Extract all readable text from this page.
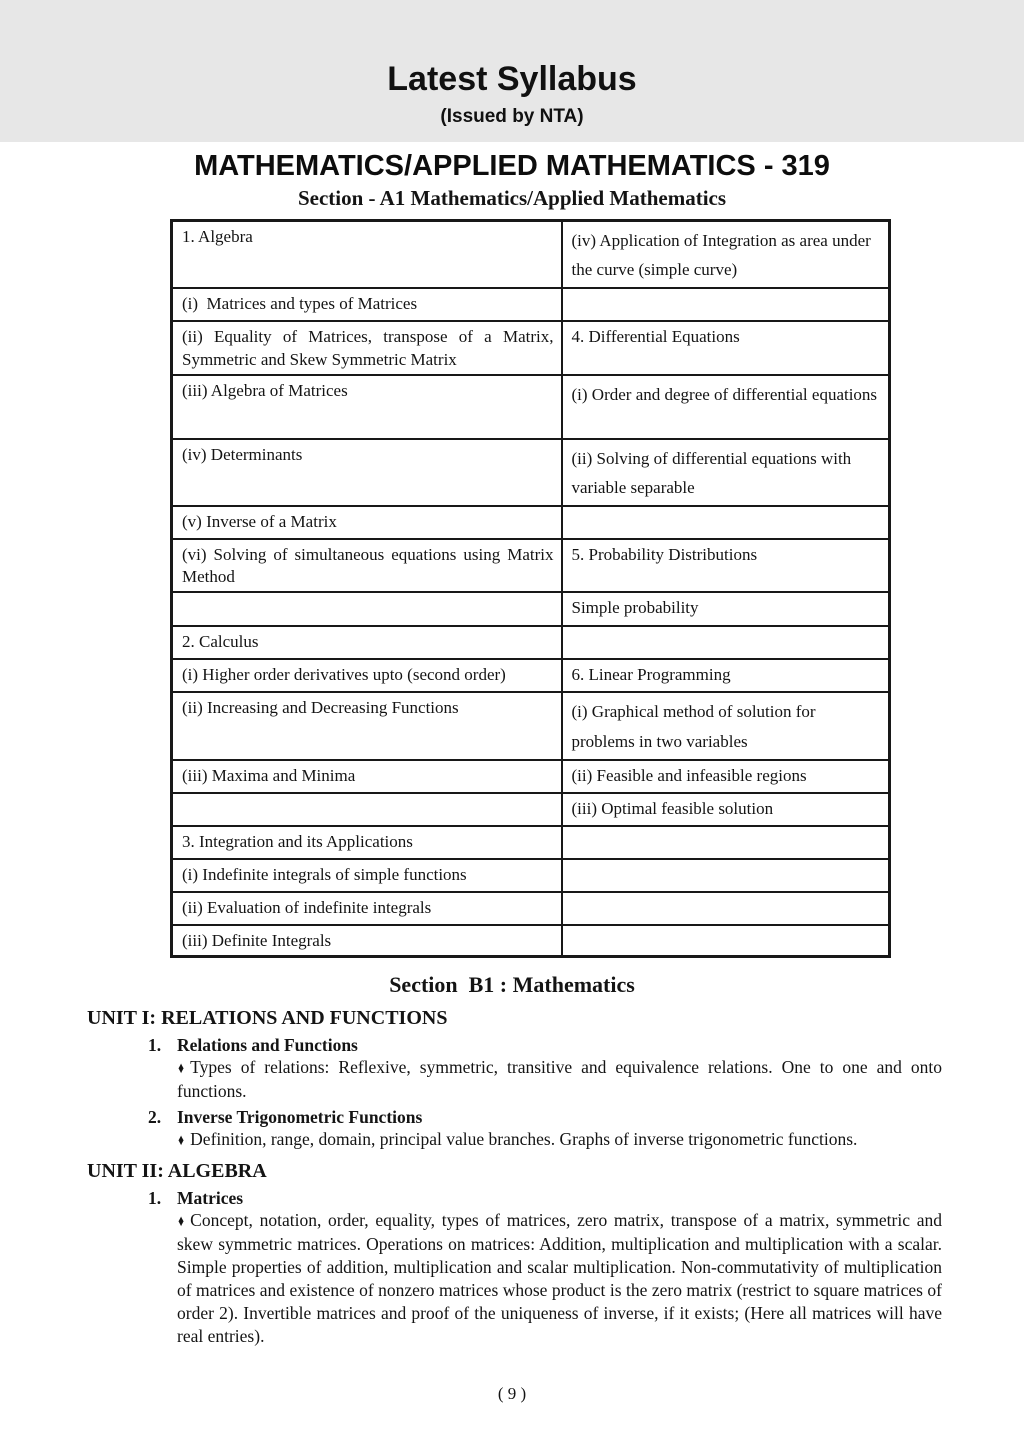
Latest Syllabus
(Issued by NTA)
MATHEMATICS/APPLIED MATHEMATICS - 319
Section - A1 Mathematics/Applied Mathematics
1. Algebra	(iv) Application of Integration as area under the curve (simple curve)
(i)  Matrices and types of Matrices	
(ii) Equality of Matrices, transpose of a Matrix, Symmetric and Skew Symmetric Matrix	4. Differential Equations
(iii) Algebra of Matrices	(i) Order and degree of differential equations
(iv) Determinants	(ii) Solving of differential equations with variable separable
(v) Inverse of a Matrix	
(vi) Solving of simultaneous equations using Matrix Method	5. Probability Distributions
	Simple probability
2. Calculus	
(i) Higher order derivatives upto (second order)	6. Linear Programming
(ii) Increasing and Decreasing Functions	(i) Graphical method of solution for problems in two variables
(iii) Maxima and Minima	(ii) Feasible and infeasible regions
	(iii) Optimal feasible solution
3. Integration and its Applications	
(i) Indefinite integrals of simple functions	
(ii) Evaluation of indefinite integrals	
(iii) Definite Integrals	
Section  B1 : Mathematics
UNIT I: RELATIONS AND FUNCTIONS
1. Relations and Functions

♦ Types of relations: Reflexive, symmetric, transitive and equivalence relations. One to one and onto functions.

2. Inverse Trigonometric Functions

♦ Definition, range, domain, principal value branches. Graphs of inverse trigonometric functions.

UNIT II: ALGEBRA
1. Matrices

♦ Concept, notation, order, equality, types of matrices, zero matrix, transpose of a matrix, symmetric and skew symmetric matrices. Operations on matrices: Addition, multiplication and multiplication with a scalar. Simple properties of addition, multiplication and scalar multiplication. Non-commutativity of multiplication of matrices and existence of nonzero matrices whose product is the zero matrix (restrict to square matrices of order 2). Invertible matrices and proof of the uniqueness of inverse, if it exists; (Here all matrices will have real entries).

( 9 )
